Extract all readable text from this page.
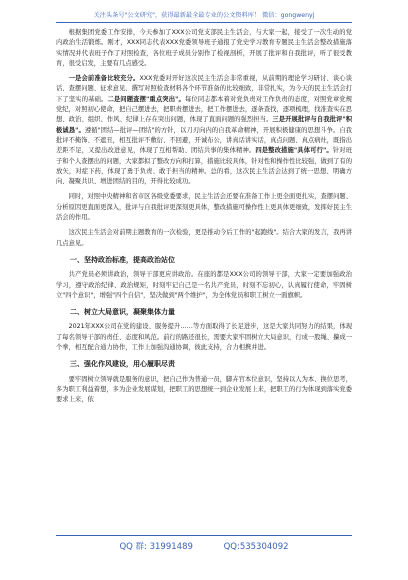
关注头条号"公文研究"，获得最新最全最专业的公文资料库！ 微信：gongwenyj

根据集团党委工作安排，今天参加了XXX公司党支部民主生活会，与大家一起，接受了一次生动的党内政治生活锻炼。刚才，XXX同志代表XXX党委领导班子通报了党史学习教育专题民主生活会整改措施落实情况并代表班子作了对照检查，各位班子成员分别作了检视剖析，开展了批评和自我批评，听了很受教育，很受启发，主要有几点感受。

一是会前准备比较充分。XXX党委对开好这次民主生活会非常重视，从前期的理论学习研讨、谈心谈话、查摆问题、征求意见、撰写对照检查材料各个环节准备的比较细致，非常扎实，为今天的民主生活会打下了坚实的基础。二是问题查摆"重点突出"。每位同志都本着对党负责对工作负责的态度，对照党章党规党纪，对照初心使命，把自己摆进去，把职责摆进去，把工作摆进去，逐条查找，逐项梳理，找准查实在思想、政治、组织、作风、纪律上存在突出问题，体现了直面问题的强烈担当。三是开展批评与自我批评"积极诚恳"。遵循"团结—批评—团结"的方针，以刀刃向内的自我革命精神，开展积极健康的思想斗争。自我批评不掩饰、不遮丑，相互批评不敷衍、不回避，开诚布公，讲真话讲实话，真点问题、真点病灶，既指出差距不足，又提出改进意见，体现了互相帮助、团结共事的集体精神。四是整改措施"具体可行"。针对班子和个人查摆出的问题，大家都拟了整改方向和打算，措施比较具体，针对性和操作性比较强，做到了有的放矢，对症下药，体现了勇于负责、敢于担当的精神。总的看，这次民主生活会达到了统一思想、明确方向、凝聚共识、增进团结的目的，开得比较成功。

同时，对照中央精神和省市区各级党委要求，民主生活会还要在准备工作上更全面更扎实，查摆问题、分析原因更直面更深入，批评与自我批评更深刻更具体，整改措施可操作性上更具体更细致，发挥好民主生活会的作用。

这次民主生活会对前期主题教育的一次检验，更是推动今后工作的"起跑线"。结合大家的发言，我再讲几点意见。

一、坚持政治标准，提高政治站位

共产党员必须讲政治，领导干部更应讲政治。在座的都是XXX公司的领导干部，大家一定要加强政治学习，遵守政治纪律、政治规矩，时刻牢记自己是一名共产党员，时刻不忘初心，认真履行使命，牢固树立"四个意识"，增强"四个自信"，坚决做到"两个维护"，为全体党员和职工树立一面旗帜。

二、树立大局意识，凝聚集体力量

2021年XXX公司在党的建设、服务提升……等方面取得了长足进步，这是大家共同努力的结果，体现了每名领导干部的责任、态度和风范。前行的路还很长，需要大家牢固树立大局意识，行成一股绳、攥成一个拳，相互配合通力协作，工作上加强沟通协调，彼此支持，合力相携并进。

三、强化作风建设，用心履职尽责

要牢固树立领导就是服务的意识，把自己作为普通一员，脚卉官本位意识，坚持以人为本、换位思考，多为职工利益着想，多为企业发展谋划，把职工的思想统一到企业发展上来，把职工的行为体现到落实党委要求上来，依

QQ 群: 31991489	QQ:535304092
